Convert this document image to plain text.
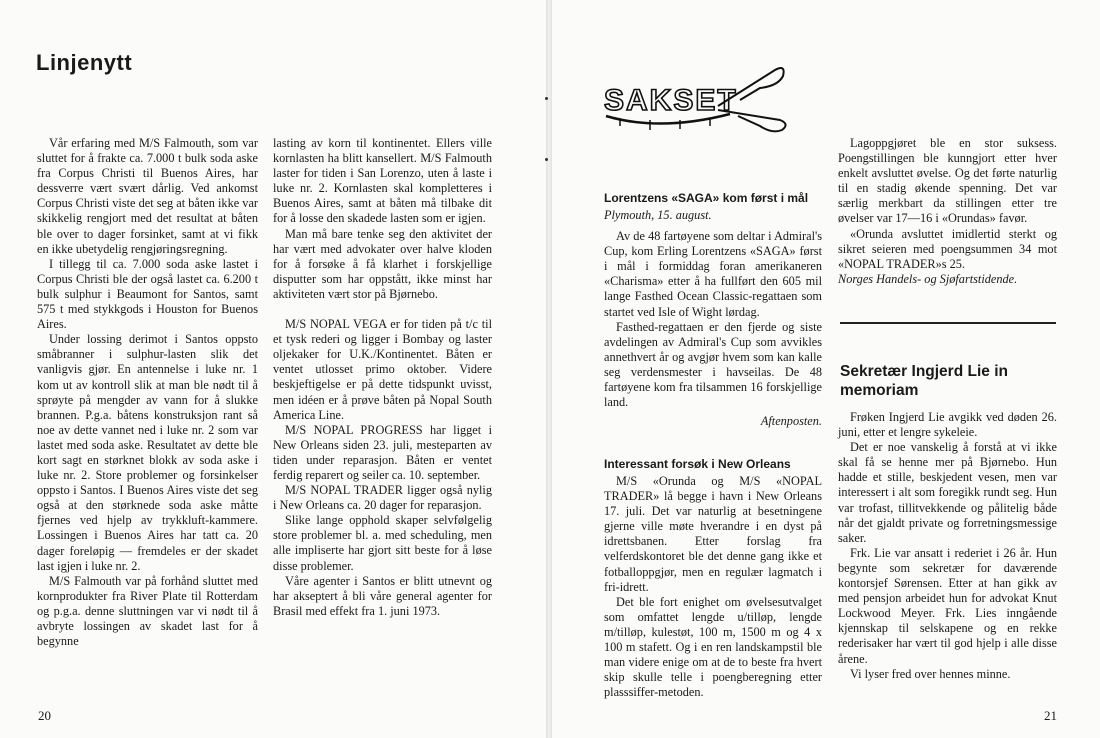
Linjenytt

Vår erfaring med M/S Falmouth, som var sluttet for å frakte ca. 7.000 t bulk soda aske fra Corpus Christi til Buenos Aires, har dessverre vært svært dårlig. Ved ankomst Corpus Christi viste det seg at båten ikke var skikkelig rengjort med det resultat at båten ble over to dager forsinket, samt at vi fikk en ikke ubetydelig rengjøringsregning.

I tillegg til ca. 7.000 soda aske lastet i Corpus Christi ble der også lastet ca. 6.200 t bulk sulphur i Beaumont for Santos, samt 575 t med stykkgods i Houston for Buenos Aires.

Under lossing derimot i Santos oppsto småbranner i sulphur-lasten slik det vanligvis gjør. En antennelse i luke nr. 1 kom ut av kontroll slik at man ble nødt til å sprøyte på mengder av vann for å slukke brannen. P.g.a. båtens konstruksjon rant så noe av dette vannet ned i luke nr. 2 som var lastet med soda aske. Resultatet av dette ble kort sagt en størknet blokk av soda aske i luke nr. 2. Store problemer og forsinkelser oppsto i Santos. I Buenos Aires viste det seg også at den størknede soda aske måtte fjernes ved hjelp av trykkluft-kammere. Lossingen i Buenos Aires har tatt ca. 20 dager foreløpig — fremdeles er der skadet last igjen i luke nr. 2.

M/S Falmouth var på forhånd sluttet med kornprodukter fra River Plate til Rotterdam og p.g.a. denne sluttningen var vi nødt til å avbryte lossingen av skadet last for å begynne

lasting av korn til kontinentet. Ellers ville kornlasten ha blitt kansellert. M/S Falmouth laster for tiden i San Lorenzo, uten å laste i luke nr. 2. Kornlasten skal kompletteres i Buenos Aires, samt at båten må tilbake dit for å losse den skadede lasten som er igjen.

Man må bare tenke seg den aktivitet der har vært med advokater over halve kloden for å forsøke å få klarhet i forskjellige disputter som har oppstått, ikke minst har aktiviteten vært stor på Bjørnebo.

M/S NOPAL VEGA er for tiden på t/c til et tysk rederi og ligger i Bombay og laster oljekaker for U.K./Kontinentet. Båten er ventet utlosset primo oktober. Videre beskjeftigelse er på dette tidspunkt uvisst, men idéen er å prøve båten på Nopal South America Line.

M/S NOPAL PROGRESS har ligget i New Orleans siden 23. juli, mesteparten av tiden under reparasjon. Båten er ventet ferdig reparert og seiler ca. 10. september.

M/S NOPAL TRADER ligger også nylig i New Orleans ca. 20 dager for reparasjon.

Slike lange opphold skaper selvfølgelig store problemer bl. a. med scheduling, men alle impliserte har gjort sitt beste for å løse disse problemer.

Våre agenter i Santos er blitt utnevnt og har akseptert å bli våre general agenter for Brasil med effekt fra 1. juni 1973.

20
SAKSET
Lorentzens «SAGA» kom først i mål

Plymouth, 15. august.

Av de 48 fartøyene som deltar i Admiral's Cup, kom Erling Lorentzens «SAGA» først i mål i formiddag foran amerikaneren «Charisma» etter å ha fullført den 605 mil lange Fasthed Ocean Classic-regattaen som startet ved Isle of Wight lørdag.

Fasthed-regattaen er den fjerde og siste avdelingen av Admiral's Cup som avvikles annethvert år og avgjør hvem som kan kalle seg verdensmester i havseilas. De 48 fartøyene kom fra tilsammen 16 forskjellige land.

Aftenposten.

Interessant forsøk i New Orleans

M/S «Orunda og M/S «NOPAL TRADER» lå begge i havn i New Orleans 17. juli. Det var naturlig at besetningene gjerne ville møte hverandre i en dyst på idrettsbanen. Etter forslag fra velferdskontoret ble det denne gang ikke et fotballoppgjør, men en regulær lagmatch i fri-idrett.

Det ble fort enighet om øvelsesutvalget som omfattet lengde u/tilløp, lengde m/tilløp, kulestøt, 100 m, 1500 m og 4 x 100 m stafett. Og i en ren landskampstil ble man videre enige om at de to beste fra hvert skip skulle telle i poengberegning etter plasssiffer-metoden.

Lagoppgjøret ble en stor suksess. Poengstillingen ble kunngjort etter hver enkelt avsluttet øvelse. Og det førte naturlig til en stadig økende spenning. Det var særlig merkbart da stillingen etter tre øvelser var 17—16 i «Orundas» favør.

«Orunda avsluttet imidlertid sterkt og sikret seieren med poengsummen 34 mot «NOPAL TRADER»s 25.

Norges Handels- og Sjøfartstidende.

Sekretær Ingjerd Lie in memoriam

Frøken Ingjerd Lie avgikk ved døden 26. juni, etter et lengre sykeleie.

Det er noe vanskelig å forstå at vi ikke skal få se henne mer på Bjørnebo. Hun hadde et stille, beskjedent vesen, men var interessert i alt som foregikk rundt seg. Hun var trofast, tillitvekkende og pålitelig både når det gjaldt private og forretningsmessige saker.

Frk. Lie var ansatt i rederiet i 26 år. Hun begynte som sekretær for daværende kontorsjef Sørensen. Etter at han gikk av med pensjon arbeidet hun for advokat Knut Lockwood Meyer. Frk. Lies inngående kjennskap til selskapene og en rekke rederisaker har vært til god hjelp i alle disse årene.

Vi lyser fred over hennes minne.

21
